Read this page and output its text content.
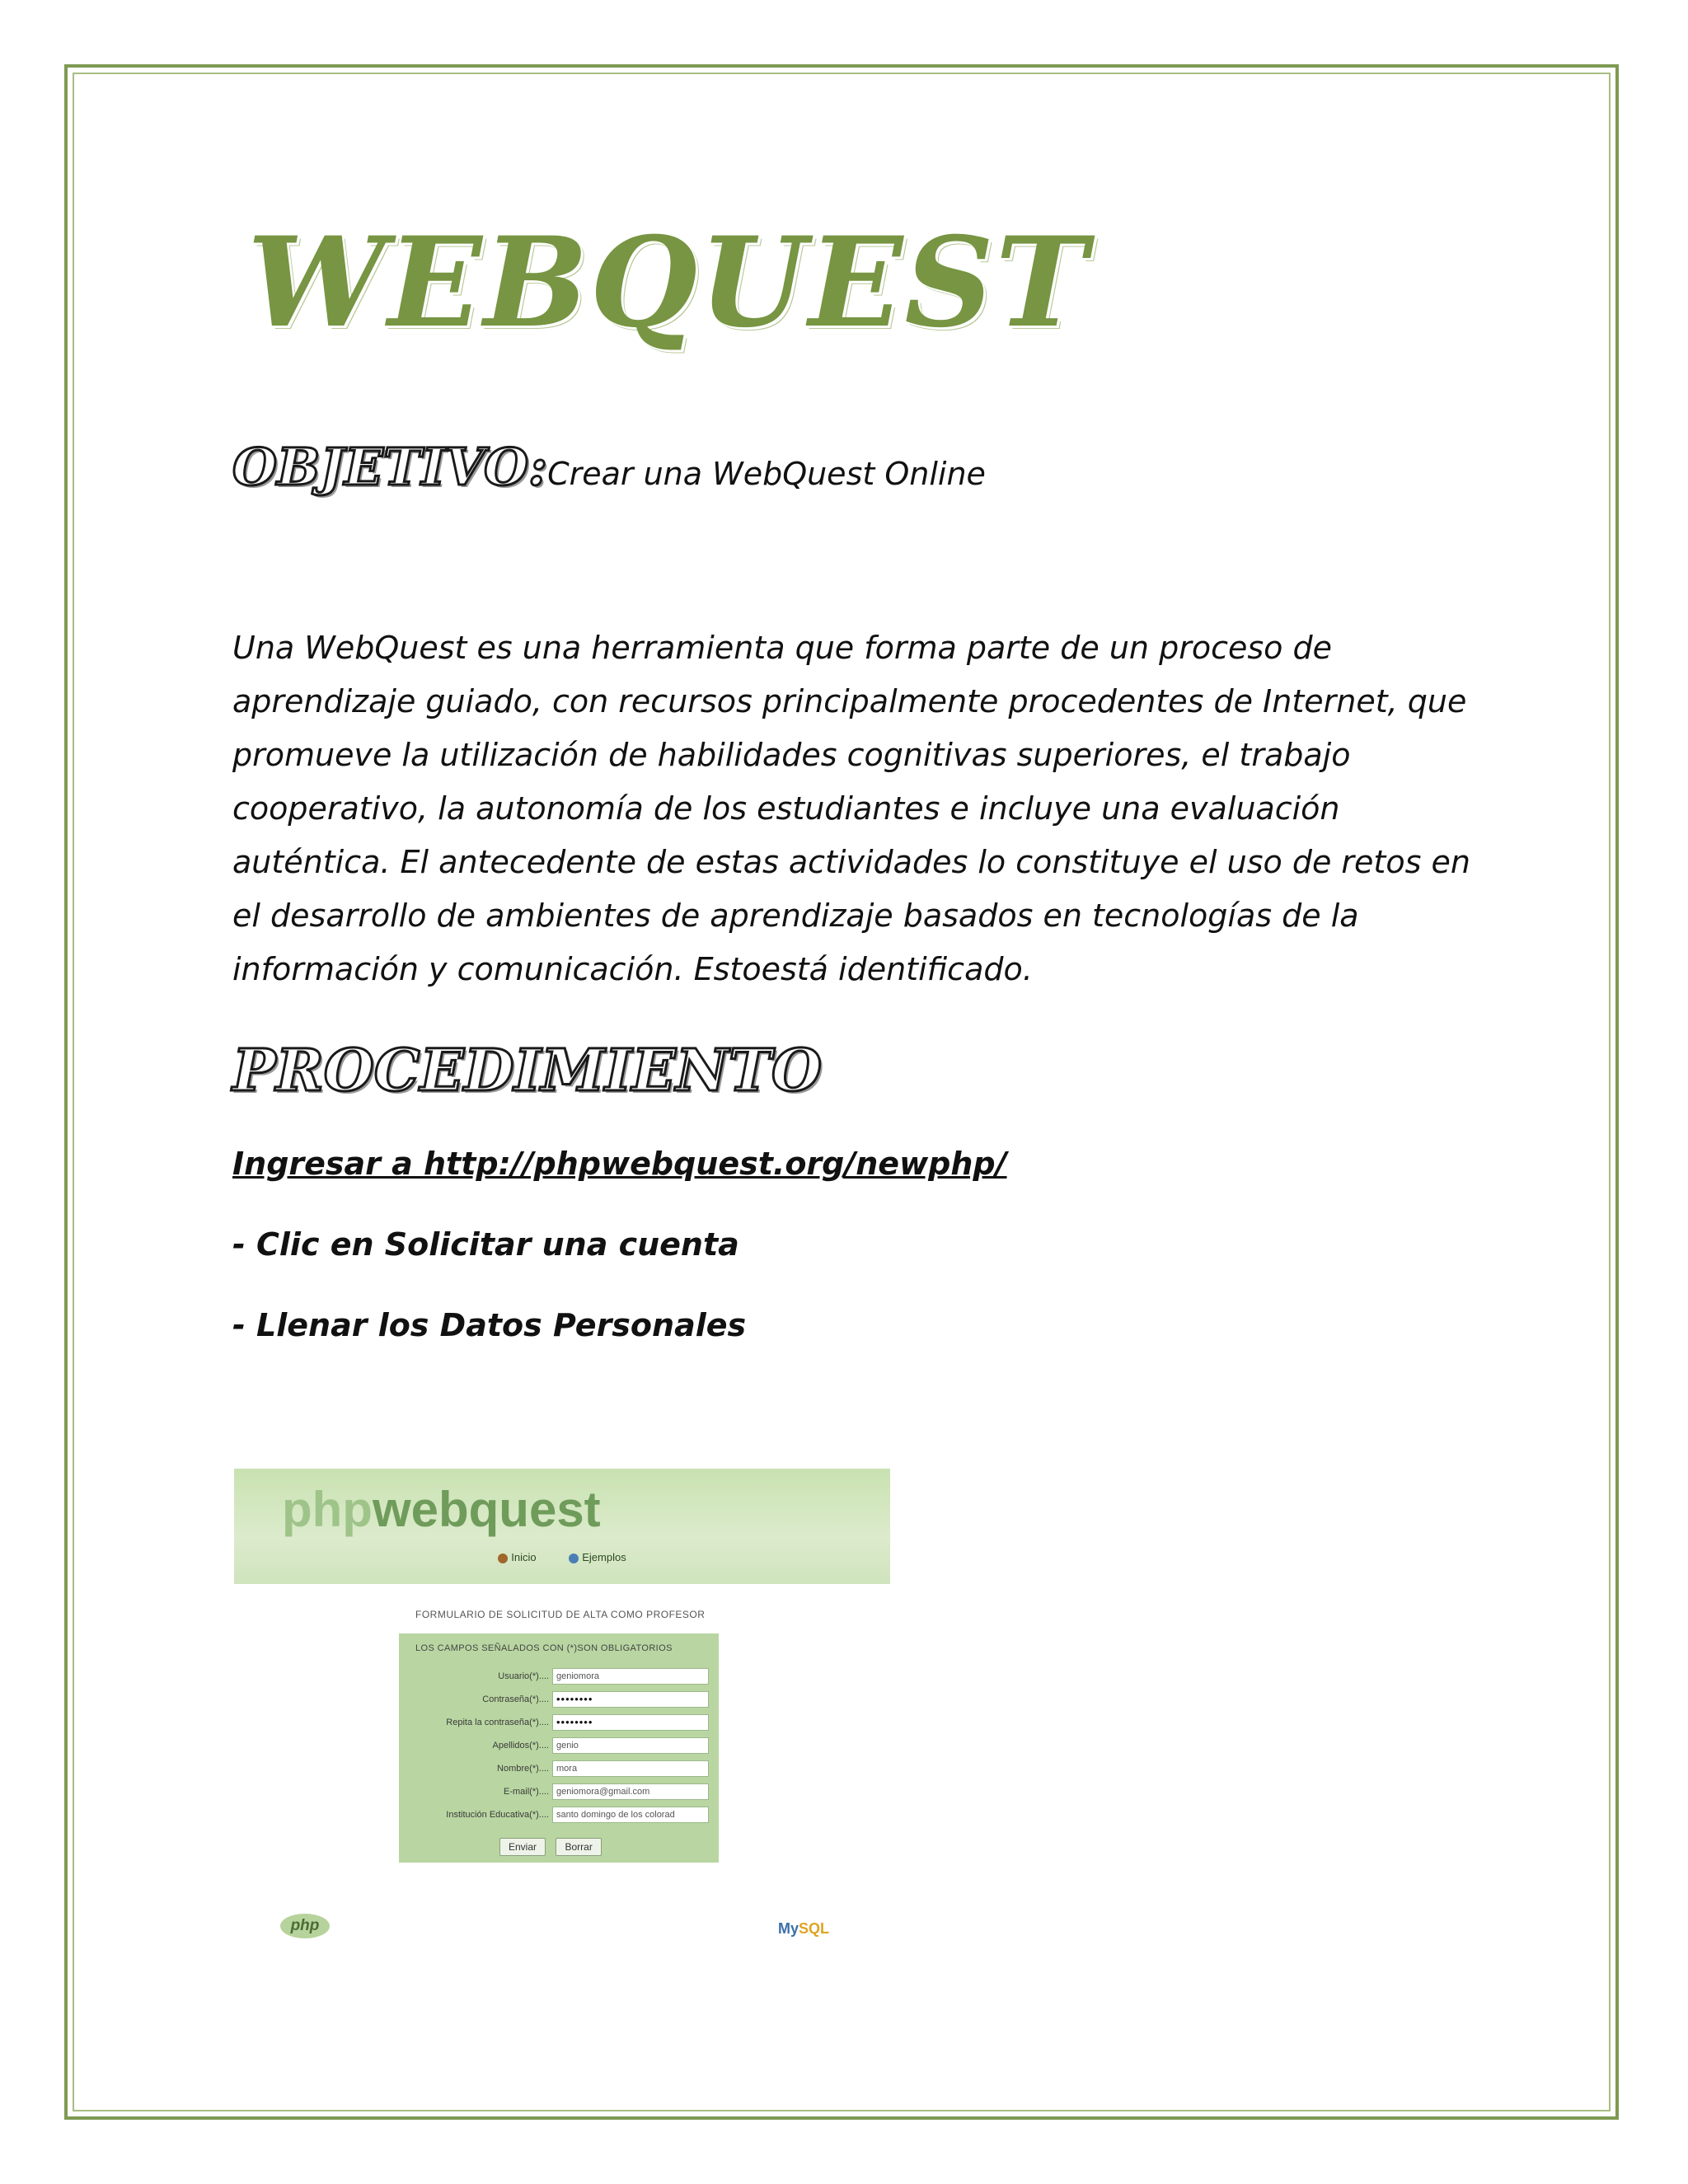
WEBQUEST
OBJETIVO:Crear una WebQuest Online

Una WebQuest es una herramienta que forma parte de un proceso de aprendizaje guiado, con recursos principalmente procedentes de Internet, que promueve la utilización de habilidades cognitivas superiores, el trabajo cooperativo, la autonomía de los estudiantes e incluye una evaluación auténtica. El antecedente de estas actividades lo constituye el uso de retos en el desarrollo de ambientes de aprendizaje basados en tecnologías de la información y comunicación. Estoestá identificado.

PROCEDIMIENTO

Ingresar a http://phpwebquest.org/newphp/

- Clic en Solicitar una cuenta

- Llenar los Datos Personales

phpwebquest
Inicio	Ejemplos
FORMULARIO DE SOLICITUD DE ALTA COMO PROFESOR
LOS CAMPOS SEÑALADOS CON (*)SON OBLIGATORIOS
Usuario(*).... geniomora
Contraseña(*).... ••••••••
Repita la contraseña(*).... ••••••••
Apellidos(*).... genio
Nombre(*).... mora
E-mail(*).... geniomora@gmail.com
Institución Educativa(*).... santo domingo de los colorad
Enviar	Borrar
php	MySQL
